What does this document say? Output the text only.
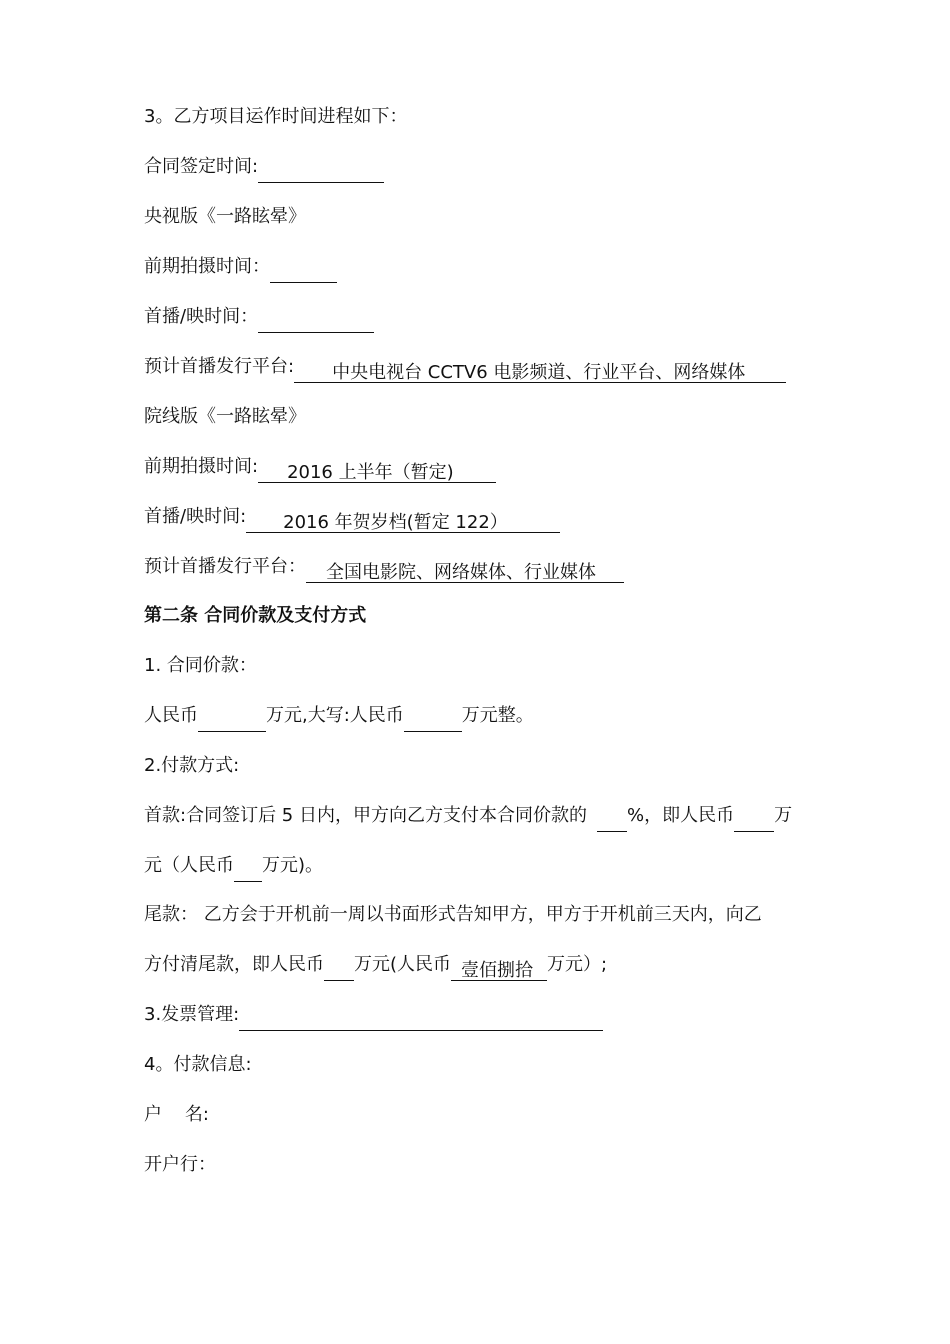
3。乙方项目运作时间进程如下：
合同签定时间:
央视版《一路眩晕》
前期拍摄时间：
首播/映时间：
预计首播发行平台: 中央电视台 CCTV6 电影频道、行业平台、网络媒体
院线版《一路眩晕》
前期拍摄时间: 2016 上半年（暂定)
首播/映时间: 2016 年贺岁档(暂定 122）
预计首播发行平台： 全国电影院、网络媒体、行业媒体
第二条 合同价款及支付方式
1. 合同价款：
人民币	万元,大写:人民币	万元整。
2.付款方式:
首款:合同签订后 5 日内，甲方向乙方支付本合同价款的 %，即人民币 万
元（人民币 万元)。
尾款： 乙方会于开机前一周以书面形式告知甲方，甲方于开机前三天内，向乙
方付清尾款，即人民币 万元(人民币 壹佰捌拾 万元）;
3.发票管理:
4。付款信息:
户    名:
开户行：
